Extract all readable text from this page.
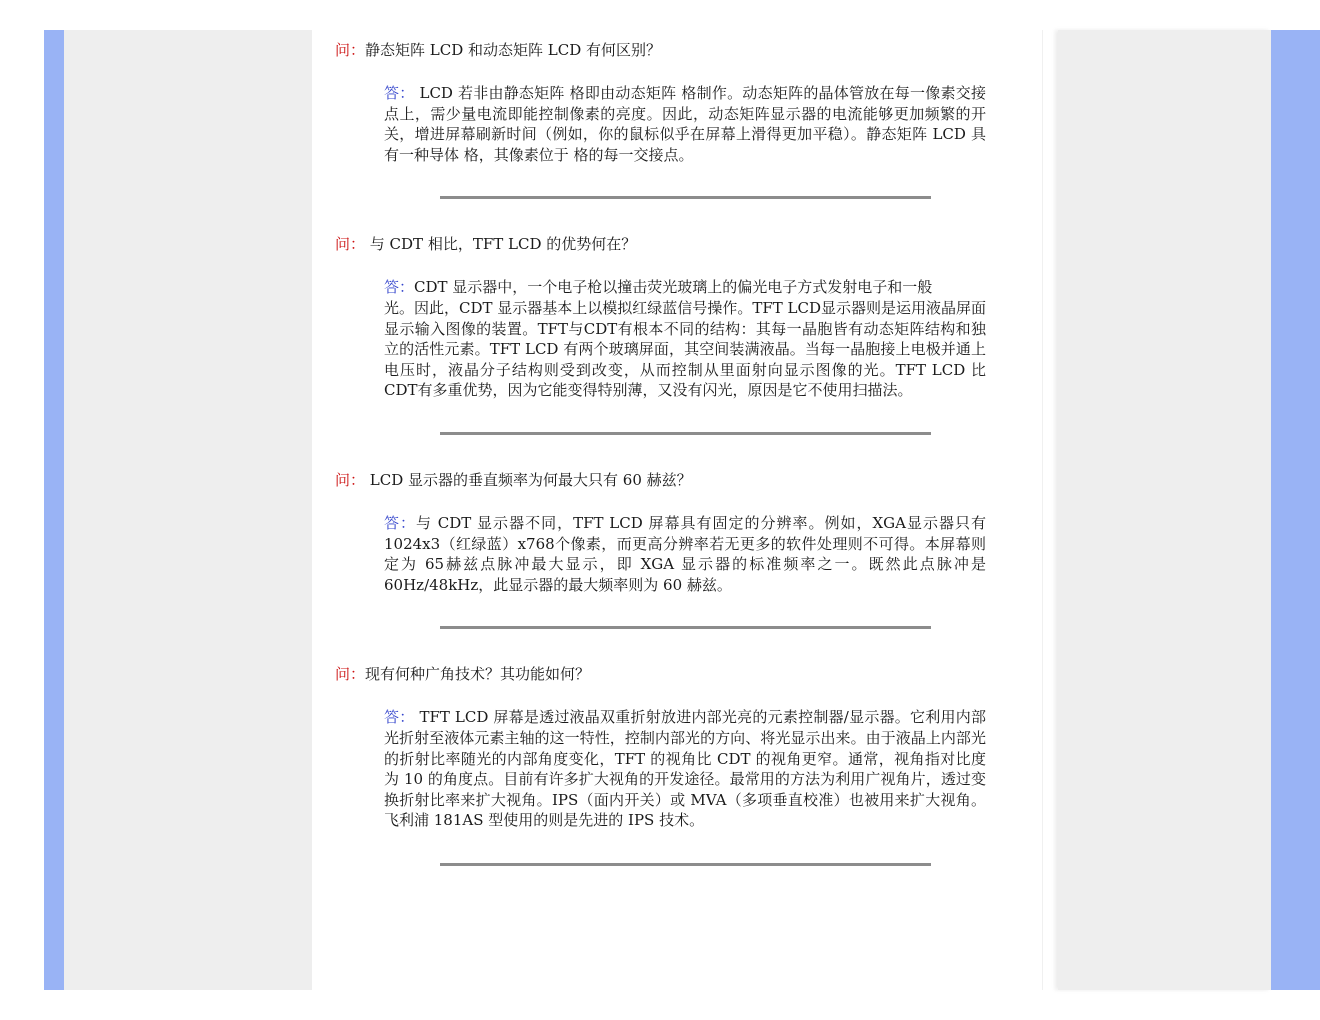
问：静态矩阵 LCD 和动态矩阵 LCD 有何区别？

答： LCD 若非由静态矩阵 格即由动态矩阵 格制作。动态矩阵的晶体管放在每一像素交接点上，需少量电流即能控制像素的亮度。因此，动态矩阵显示器的电流能够更加频繁的开关，增进屏幕刷新时间（例如，你的鼠标似乎在屏幕上滑得更加平稳）。静态矩阵 LCD 具有一种导体 格，其像素位于 格的每一交接点。

问： 与 CDT 相比，TFT LCD 的优势何在？

答：CDT 显示器中，一个电子枪以撞击荧光玻璃上的偏光电子方式发射电子和一般

光。因此，CDT 显示器基本上以模拟红绿蓝信号操作。TFT LCD显示器则是运用液晶屏面显示输入图像的装置。TFT与CDT有根本不同的结构：其每一晶胞皆有动态矩阵结构和独立的活性元素。TFT LCD 有两个玻璃屏面，其空间装满液晶。当每一晶胞接上电极并通上电压时，液晶分子结构则受到改变，从而控制从里面射向显示图像的光。TFT LCD 比 CDT有多重优势，因为它能变得特别薄，又没有闪光，原因是它不使用扫描法。

问： LCD 显示器的垂直频率为何最大只有 60 赫兹？

答：与 CDT 显示器不同，TFT LCD 屏幕具有固定的分辨率。例如，XGA显示器只有1024x3（红绿蓝）x768个像素，而更高分辨率若无更多的软件处理则不可得。本屏幕则定为 65赫兹点脉冲最大显示，即 XGA 显示器的标准频率之一。既然此点脉冲是 60Hz/48kHz，此显示器的最大频率则为 60 赫兹。

问：现有何种广角技术？其功能如何？

答： TFT LCD 屏幕是透过液晶双重折射放进内部光亮的元素控制器/显示器。它利用内部光折射至液体元素主轴的这一特性，控制内部光的方向、将光显示出来。由于液晶上内部光的折射比率随光的内部角度变化，TFT 的视角比 CDT 的视角更窄。通常，视角指对比度为 10 的角度点。目前有许多扩大视角的开发途径。最常用的方法为利用广视角片，透过变换折射比率来扩大视角。IPS（面内开关）或 MVA（多项垂直校准）也被用来扩大视角。飞利浦 181AS 型使用的则是先进的 IPS 技术。
